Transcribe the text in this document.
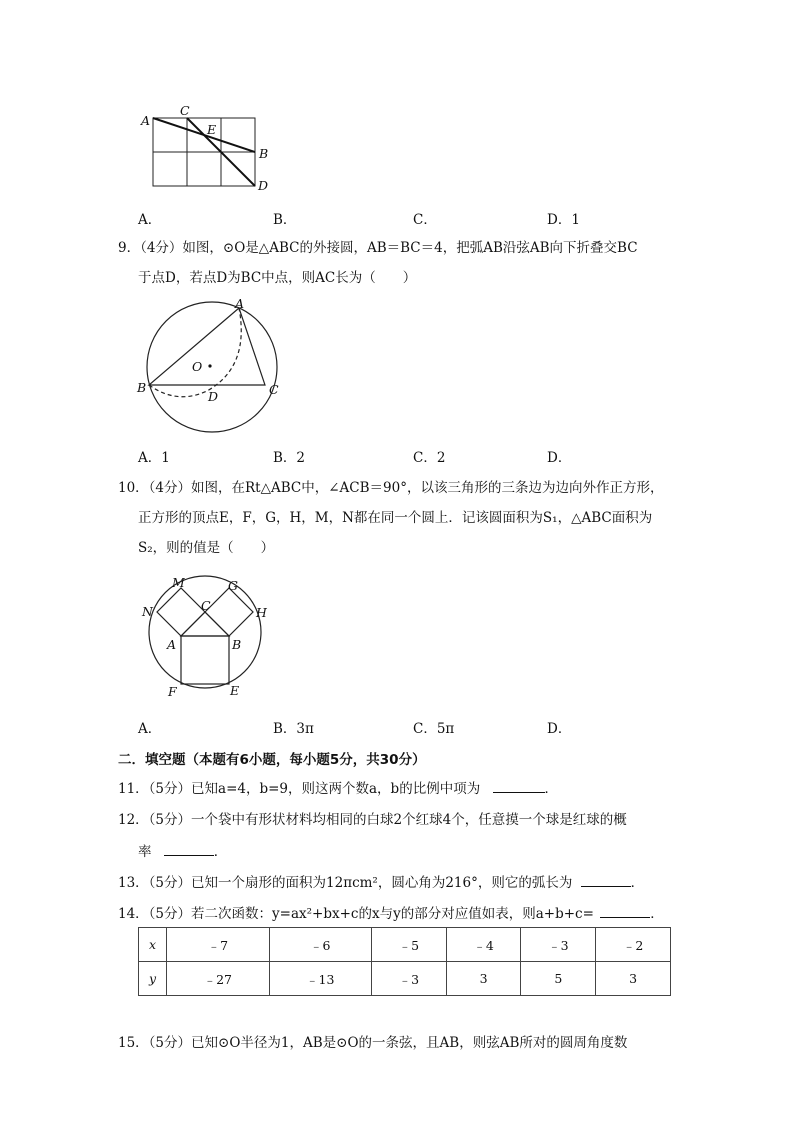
A
C
E
B
D
A．	B．	C．	D．1
9．（4分）如图，⊙O是△ABC的外接圆，AB＝BC＝4，把弧AB沿弦AB向下折叠交BC
于点D，若点D为BC中点，则AC长为（　　）
A
O
B
D	C
A．1	B．2	C．2	D．
10．（4分）如图，在Rt△ABC中，∠ACB＝90°，以该三角形的三条边为边向外作正方形，
正方形的顶点E，F，G，H，M，N都在同一个圆上．记该圆面积为S₁，△ABC面积为
S₂，则的值是（　　）
M	G
N	C	H
A	B
F	E
A．	B．3π	C．5π	D．
二．填空题（本题有6小题，每小题5分，共30分）
11．（5分）已知a=4，b=9，则这两个数a，b的比例中项为	．
12．（5分）一个袋中有形状材料均相同的白球2个红球4个，任意摸一个球是红球的概
率	．
13．（5分）已知一个扇形的面积为12πcm²，圆心角为216°，则它的弧长为	．
14．（5分）若二次函数：y=ax²+bx+c的x与y的部分对应值如表，则a+b+c=	．
x	﹣7	﹣6	﹣5	﹣4	﹣3	﹣2
y	﹣27	﹣13	﹣3	3	5	3
15．（5分）已知⊙O半径为1，AB是⊙O的一条弦，且AB，则弦AB所对的圆周角度数
